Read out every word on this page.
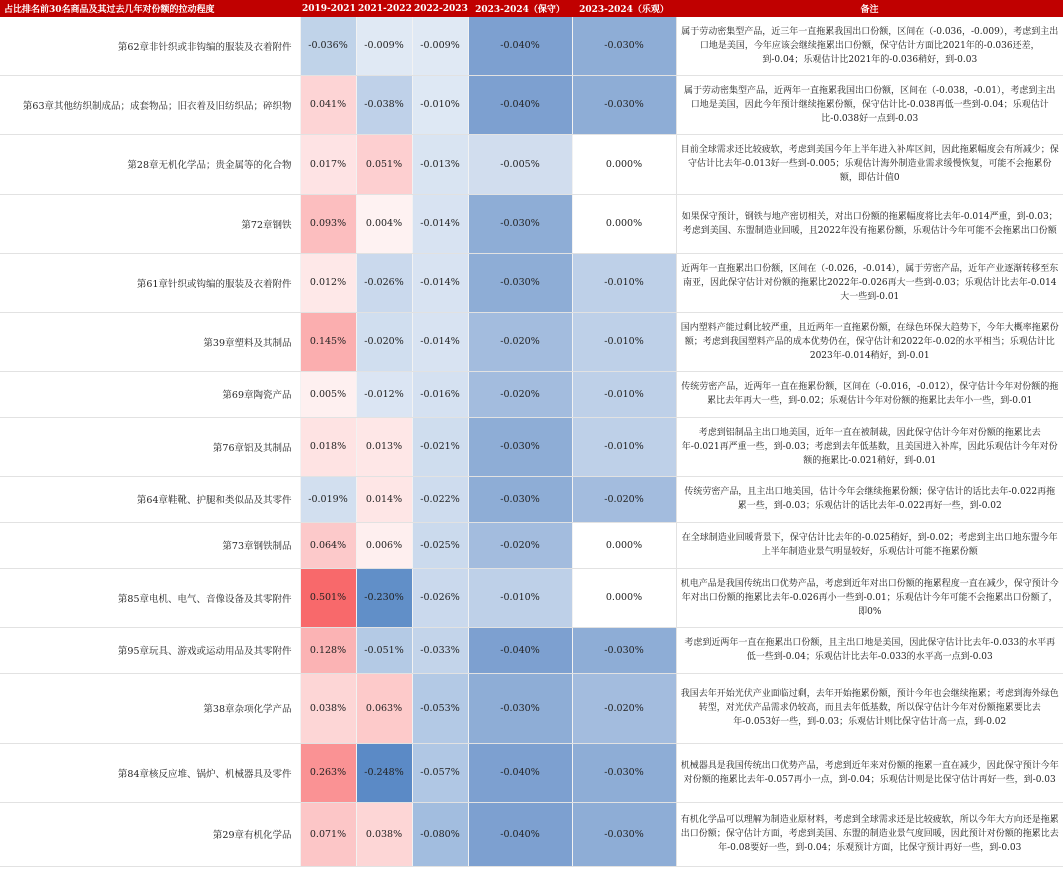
占比排名前30名商品及其过去几年对份额的拉动程度	2019-2021	2021-2022	2022-2023	2023-2024（保守）	2023-2024（乐观）	备注
第62章非针织或非钩编的服装及衣着附件	-0.036%	-0.009%	-0.009%	-0.040%	-0.030%	属于劳动密集型产品，近三年一直拖累我国出口份额，区间在（-0.036，-0.009），考虑到主出口地是美国，今年应该会继续拖累出口份额，保守估计方面比2021年的-0.036还差，到-0.04；乐观估计比2021年的-0.036稍好，到-0.03
第63章其他纺织制成品；成套物品；旧衣着及旧纺织品；碎织物	0.041%	-0.038%	-0.010%	-0.040%	-0.030%	属于劳动密集型产品，近两年一直拖累我国出口份额，区间在（-0.038，-0.01），考虑到主出口地是美国，因此今年预计继续拖累份额，保守估计比-0.038再低一些到-0.04；乐观估计比-0.038好一点到-0.03
第28章无机化学品；贵金属等的化合物	0.017%	0.051%	-0.013%	-0.005%	0.000%	目前全球需求还比较疲软，考虑到美国今年上半年进入补库区间，因此拖累幅度会有所减少；保守估计比去年-0.013好一些到-0.005；乐观估计海外制造业需求缓慢恢复，可能不会拖累份额，即估计值0
第72章钢铁	0.093%	0.004%	-0.014%	-0.030%	0.000%	如果保守预计，钢铁与地产密切相关，对出口份额的拖累幅度将比去年-0.014严重，到-0.03；考虑到美国、东盟制造业回暖，且2022年没有拖累份额，乐观估计今年可能不会拖累出口份额
第61章针织或钩编的服装及衣着附件	0.012%	-0.026%	-0.014%	-0.030%	-0.010%	近两年一直拖累出口份额，区间在（-0.026，-0.014），属于劳密产品，近年产业逐渐转移至东南亚，因此保守估计对份额的拖累比2022年-0.026再大一些到-0.03；乐观估计比去年-0.014大一些到-0.01
第39章塑料及其制品	0.145%	-0.020%	-0.014%	-0.020%	-0.010%	国内塑料产能过剩比较严重，且近两年一直拖累份额，在绿色环保大趋势下，今年大概率拖累份额；考虑到我国塑料产品的成本优势仍在，保守估计和2022年-0.02的水平相当；乐观估计比2023年-0.014稍好，到-0.01
第69章陶瓷产品	0.005%	-0.012%	-0.016%	-0.020%	-0.010%	传统劳密产品，近两年一直在拖累份额，区间在（-0.016，-0.012），保守估计今年对份额的拖累比去年再大一些，到-0.02；乐观估计今年对份额的拖累比去年小一些，到-0.01
第76章铝及其制品	0.018%	0.013%	-0.021%	-0.030%	-0.010%	考虑到铝制品主出口地美国，近年一直在被制裁，因此保守估计今年对份额的拖累比去年-0.021再严重一些，到-0.03；考虑到去年低基数，且美国进入补库，因此乐观估计今年对份额的拖累比-0.021稍好，到-0.01
第64章鞋靴、护腿和类似品及其零件	-0.019%	0.014%	-0.022%	-0.030%	-0.020%	传统劳密产品，且主出口地美国，估计今年会继续拖累份额；保守估计的话比去年-0.022再拖累一些，到-0.03；乐观估计的话比去年-0.022再好一些，到-0.02
第73章钢铁制品	0.064%	0.006%	-0.025%	-0.020%	0.000%	在全球制造业回暖背景下，保守估计比去年的-0.025稍好，到-0.02；考虑到主出口地东盟今年上半年制造业景气明显较好，乐观估计可能不拖累份额
第85章电机、电气、音像设备及其零附件	0.501%	-0.230%	-0.026%	-0.010%	0.000%	机电产品是我国传统出口优势产品，考虑到近年对出口份额的拖累程度一直在减少，保守预计今年对出口份额的拖累比去年-0.026再小一些到-0.01；乐观估计今年可能不会拖累出口份额了，即0%
第95章玩具、游戏或运动用品及其零附件	0.128%	-0.051%	-0.033%	-0.040%	-0.030%	考虑到近两年一直在拖累出口份额，且主出口地是美国，因此保守估计比去年-0.033的水平再低一些到-0.04；乐观估计比去年-0.033的水平高一点到-0.03
第38章杂项化学产品	0.038%	0.063%	-0.053%	-0.030%	-0.020%	我国去年开始光伏产业面临过剩，去年开始拖累份额，预计今年也会继续拖累；考虑到海外绿色转型，对光伏产品需求仍较高，而且去年低基数，所以保守估计今年对份额拖累要比去年-0.053好一些，到-0.03；乐观估计则比保守估计高一点，到-0.02
第84章核反应堆、锅炉、机械器具及零件	0.263%	-0.248%	-0.057%	-0.040%	-0.030%	机械器具是我国传统出口优势产品，考虑到近年来对份额的拖累一直在减少，因此保守预计今年对份额的拖累比去年-0.057再小一点，到-0.04；乐观估计则是比保守估计再好一些，到-0.03
第29章有机化学品	0.071%	0.038%	-0.080%	-0.040%	-0.030%	有机化学品可以理解为制造业原材料，考虑到全球需求还是比较疲软，所以今年大方向还是拖累出口份额；保守估计方面，考虑到美国、东盟的制造业景气度回暖，因此预计对份额的拖累比去年-0.08要好一些，到-0.04；乐观预计方面，比保守预计再好一些，到-0.03
